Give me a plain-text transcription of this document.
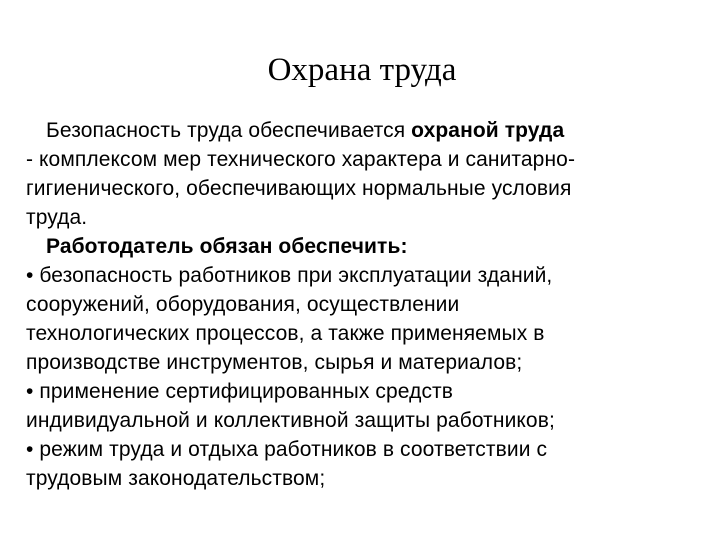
Охрана труда

Безопасность труда обеспечивается охраной труда

- комплексом мер технического характера и санитарно-

гигиенического, обеспечивающих нормальные условия

труда.

Работодатель обязан обеспечить:

• безопасность работников при эксплуатации зданий,

сооружений, оборудования, осуществлении

технологических процессов, а также применяемых в

производстве инструментов, сырья и материалов;

• применение сертифицированных средств

индивидуальной и коллективной защиты работников;

• режим труда и отдыха работников в соответствии с

трудовым законодательством;
